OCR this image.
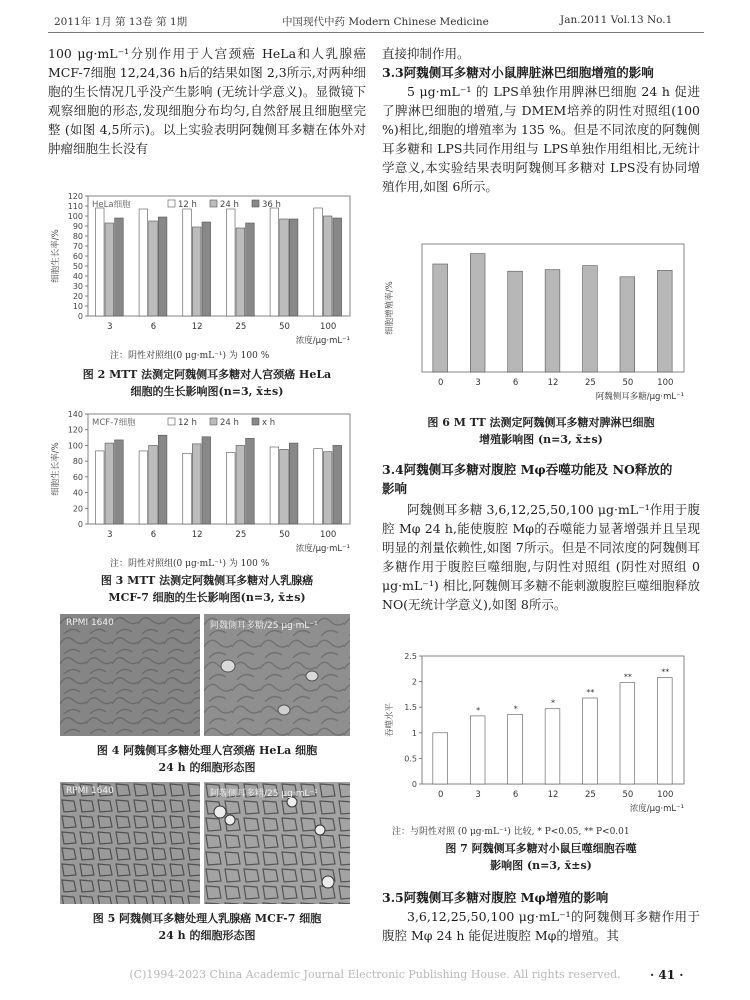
2011年 1月 第 13卷 第 1期	中国现代中药 Modern Chinese Medicine	Jan.2011 Vol.13 No.1

100 μg·mL⁻¹分别作用于人宫颈癌 HeLa和人乳腺癌 MCF-7细胞 12,24,36 h后的结果如图 2,3所示,对两种细胞的生长情况几乎没产生影响 (无统计学意义)。显微镜下观察细胞的形态,发现细胞分布均匀,自然舒展且细胞壁完整 (如图 4,5所示)。以上实验表明阿魏侧耳多糖在体外对肿瘤细胞生长没有

0
10
20
30
40
50
60
70
80
90
100
110
120
细胞生长率/%
3	6	12	25	50	100
浓度/μg·mL⁻¹
12 h	24 h	36 h
HeLa细胞
注：阴性对照组(0 μg·mL⁻¹) 为 100 %
图 2 MTT 法测定阿魏侧耳多糖对人宫颈癌 HeLa
细胞的生长影响图(n=3, x̄±s)
0
20
40
60
80
100
120
140
细胞生长率/%
3	6	12	25	50	100
浓度/μg·mL⁻¹
12 h	24 h	x h
MCF-7细胞
注：阴性对照组(0 μg·mL⁻¹) 为 100 %
图 3 MTT 法测定阿魏侧耳多糖对人乳腺癌
MCF-7 细胞的生长影响图(n=3, x̄±s)
RPMI 1640	阿魏侧耳多糖/25 μg·mL⁻¹
图 4 阿魏侧耳多糖处理人宫颈癌 HeLa 细胞
24 h 的细胞形态图
RPMI 1640	阿魏侧耳多糖/25 μg·mL⁻¹
图 5 阿魏侧耳多糖处理人乳腺癌 MCF-7 细胞
24 h 的细胞形态图

直接抑制作用。

3.3阿魏侧耳多糖对小鼠脾脏淋巴细胞增殖的影响

5 μg·mL⁻¹ 的 LPS单独作用脾淋巴细胞 24 h 促进了脾淋巴细胞的增殖,与 DMEM培养的阴性对照组(100 %)相比,细胞的增殖率为 135 %。但是不同浓度的阿魏侧耳多糖和 LPS共同作用组与 LPS单独作用组相比,无统计学意义,本实验结果表明阿魏侧耳多糖对 LPS没有协同增殖作用,如图 6所示。

细胞增殖率/%
0	3	6	12	25	50	100
阿魏侧耳多糖/μg·mL⁻¹
图 6 M TT 法测定阿魏侧耳多糖对脾淋巴细胞
增殖影响图 (n=3, x̄±s)

3.4阿魏侧耳多糖对腹腔 Mφ吞噬功能及 NO释放的

影响

阿魏侧耳多糖 3,6,12,25,50,100 μg·mL⁻¹作用于腹腔 Mφ 24 h,能使腹腔 Mφ的吞噬能力显著增强并且呈现明显的剂量依赖性,如图 7所示。但是不同浓度的阿魏侧耳多糖作用于腹腔巨噬细胞,与阴性对照组 (阴性对照组 0 μg·mL⁻¹) 相比,阿魏侧耳多糖不能刺激腹腔巨噬细胞释放 NO(无统计学意义),如图 8所示。

0
0.5
1
1.5
2
2.5
吞噬水平
0
*
3
*
6
*
12
**
25
**
50
**
100
浓度/μg·mL⁻¹
注：与阴性对照 (0 μg·mL⁻¹) 比较, * P<0.05, ** P<0.01
图 7 阿魏侧耳多糖对小鼠巨噬细胞吞噬
影响图 (n=3, x̄±s)

3.5阿魏侧耳多糖对腹腔 Mφ增殖的影响

3,6,12,25,50,100 μg·mL⁻¹的阿魏侧耳多糖作用于腹腔 Mφ 24 h 能促进腹腔 Mφ的增殖。其

(C)1994-2023 China Academic Journal Electronic Publishing House. All rights reserved.	· 41 ·
